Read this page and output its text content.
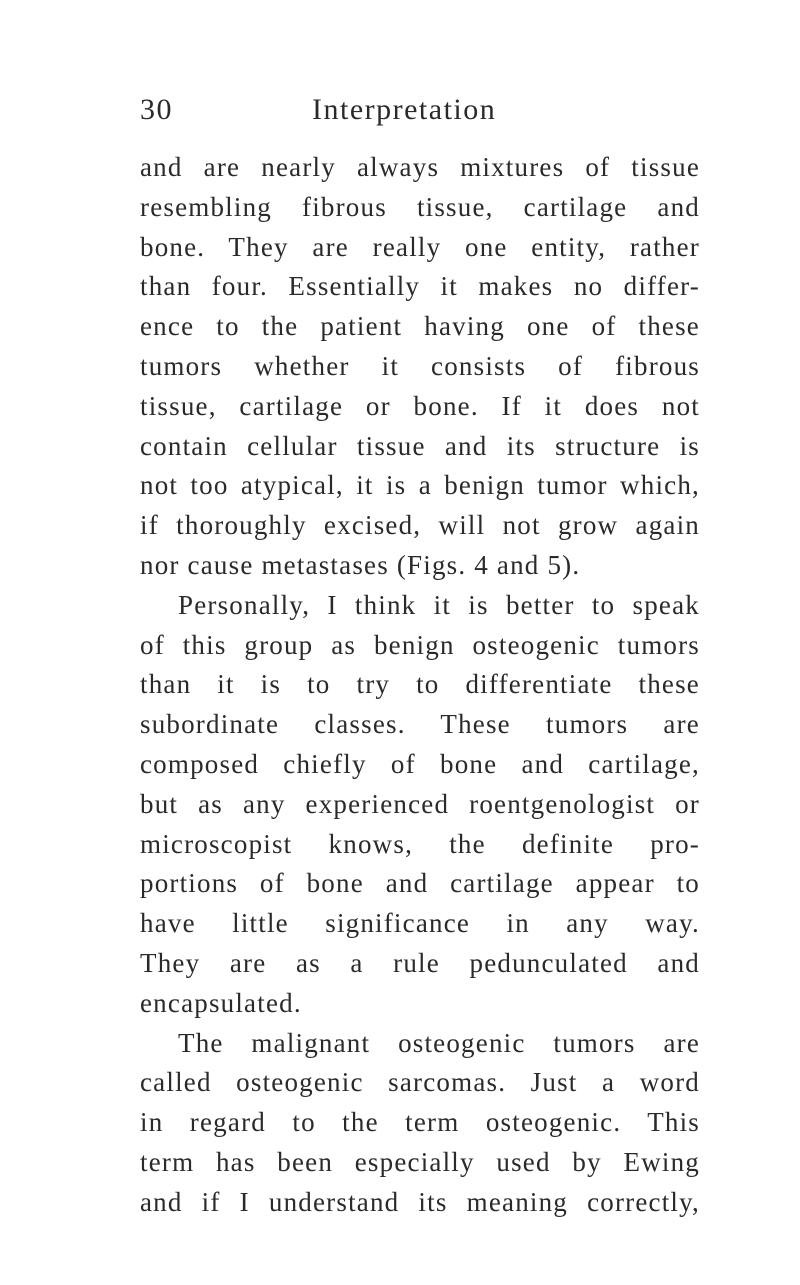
30	Interpretation
and are nearly always mixtures of tissue
resembling fibrous tissue, cartilage and
bone. They are really one entity, rather
than four. Essentially it makes no differ-
ence to the patient having one of these
tumors whether it consists of fibrous
tissue, cartilage or bone. If it does not
contain cellular tissue and its structure is
not too atypical, it is a benign tumor which,
if thoroughly excised, will not grow again
nor cause metastases (Figs. 4 and 5).
Personally, I think it is better to speak
of this group as benign osteogenic tumors
than it is to try to differentiate these
subordinate classes. These tumors are
composed chiefly of bone and cartilage,
but as any experienced roentgenologist or
microscopist knows, the definite pro-
portions of bone and cartilage appear to
have little significance in any way.
They are as a rule pedunculated and
encapsulated.
The malignant osteogenic tumors are
called osteogenic sarcomas. Just a word
in regard to the term osteogenic. This
term has been especially used by Ewing
and if I understand its meaning correctly,
